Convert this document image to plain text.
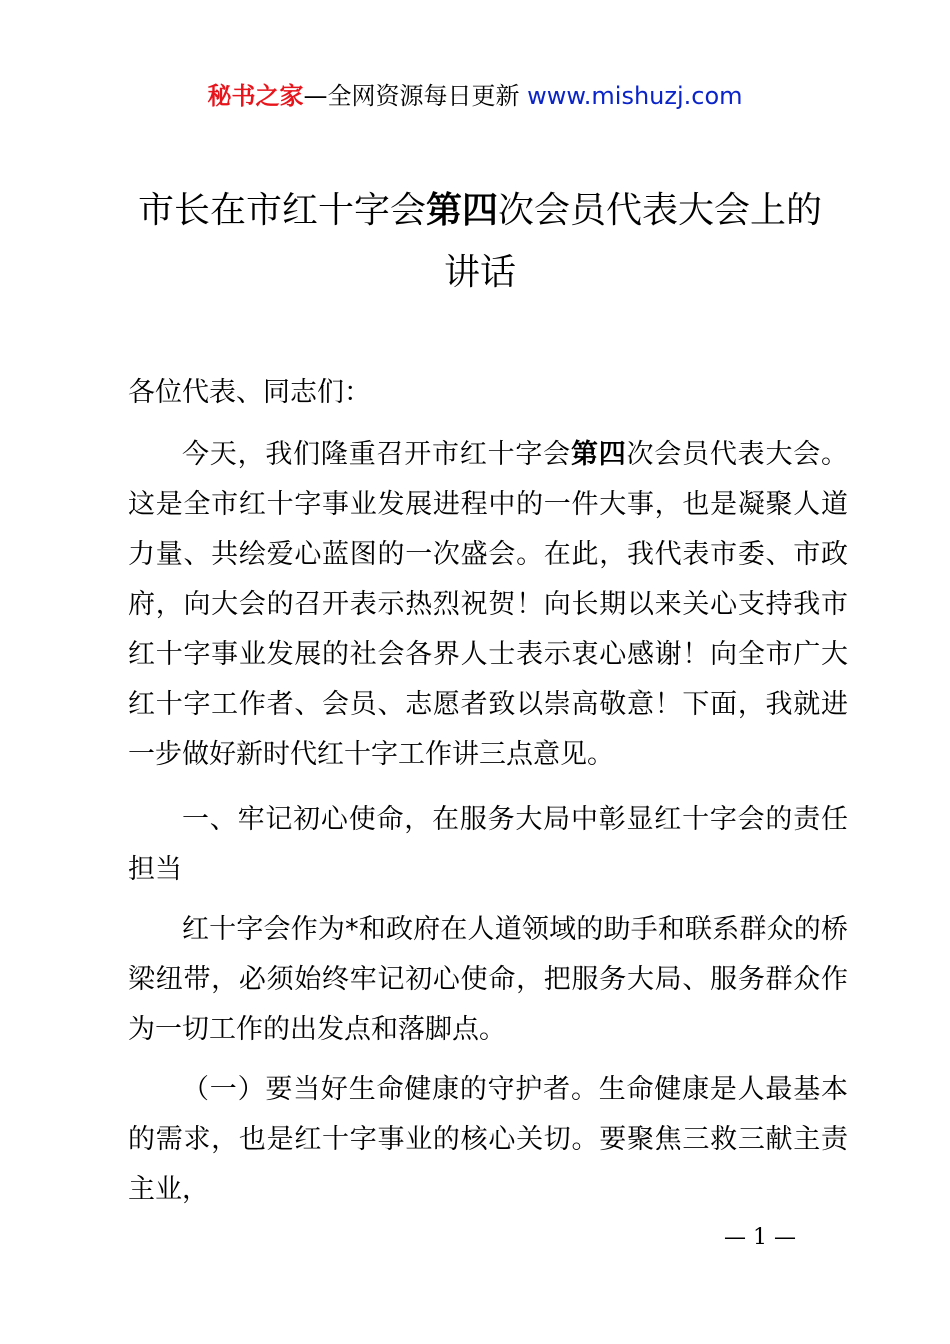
秘书之家—全网资源每日更新 www.mishuzj.com
市长在市红十字会第四次会员代表大会上的讲话
各位代表、同志们：
今天，我们隆重召开市红十字会第四次会员代表大会。这是全市红十字事业发展进程中的一件大事，也是凝聚人道力量、共绘爱心蓝图的一次盛会。在此，我代表市委、市政府，向大会的召开表示热烈祝贺！向长期以来关心支持我市红十字事业发展的社会各界人士表示衷心感谢！向全市广大红十字工作者、会员、志愿者致以崇高敬意！下面，我就进一步做好新时代红十字工作讲三点意见。
一、牢记初心使命，在服务大局中彰显红十字会的责任担当
红十字会作为*和政府在人道领域的助手和联系群众的桥梁纽带，必须始终牢记初心使命，把服务大局、服务群众作为一切工作的出发点和落脚点。
（一）要当好生命健康的守护者。生命健康是人最基本的需求，也是红十字事业的核心关切。要聚焦三救三献主责主业，
— 1 —
